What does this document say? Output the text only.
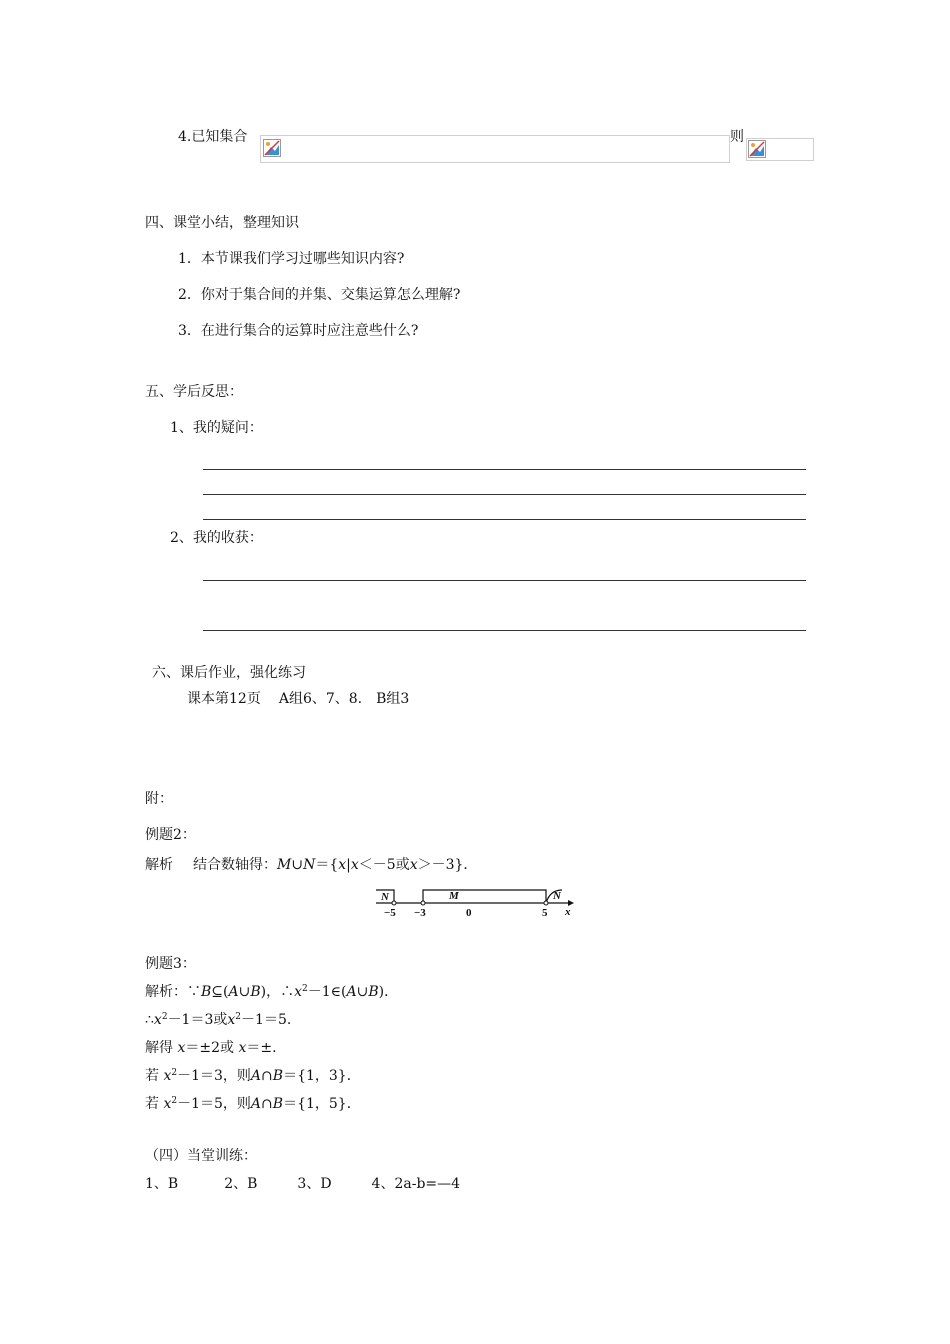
4.已知集合	则
四、课堂小结，整理知识
1．本节课我们学习过哪些知识内容?
2．你对于集合间的并集、交集运算怎么理解?
3．在进行集合的运算时应注意些什么?
五、学后反思：
1、我的疑问：
2、我的收获：
六、课后作业，强化练习
课本第12页 A组6、7、8. B组3
附：
例题2：
解析 结合数轴得：M∪N＝{x|x＜－5或x＞－3}．
N	M	N
−5 −3	0	5 x
例题3：
解析：∵B⊆(A∪B)，$\therefore x^2-1\in(A\cup B)$．
$\therefore x^2-1=3$或$x^2-1=5$.
解得 x＝±2或 x＝±.
若 $x^2-1=3$，则A∩B＝{1，3}．
若 $x^2-1=5$，则A∩B＝{1，5}．
（四）当堂训练：
1、B	2、B	3、D	4、2a-b=—4
